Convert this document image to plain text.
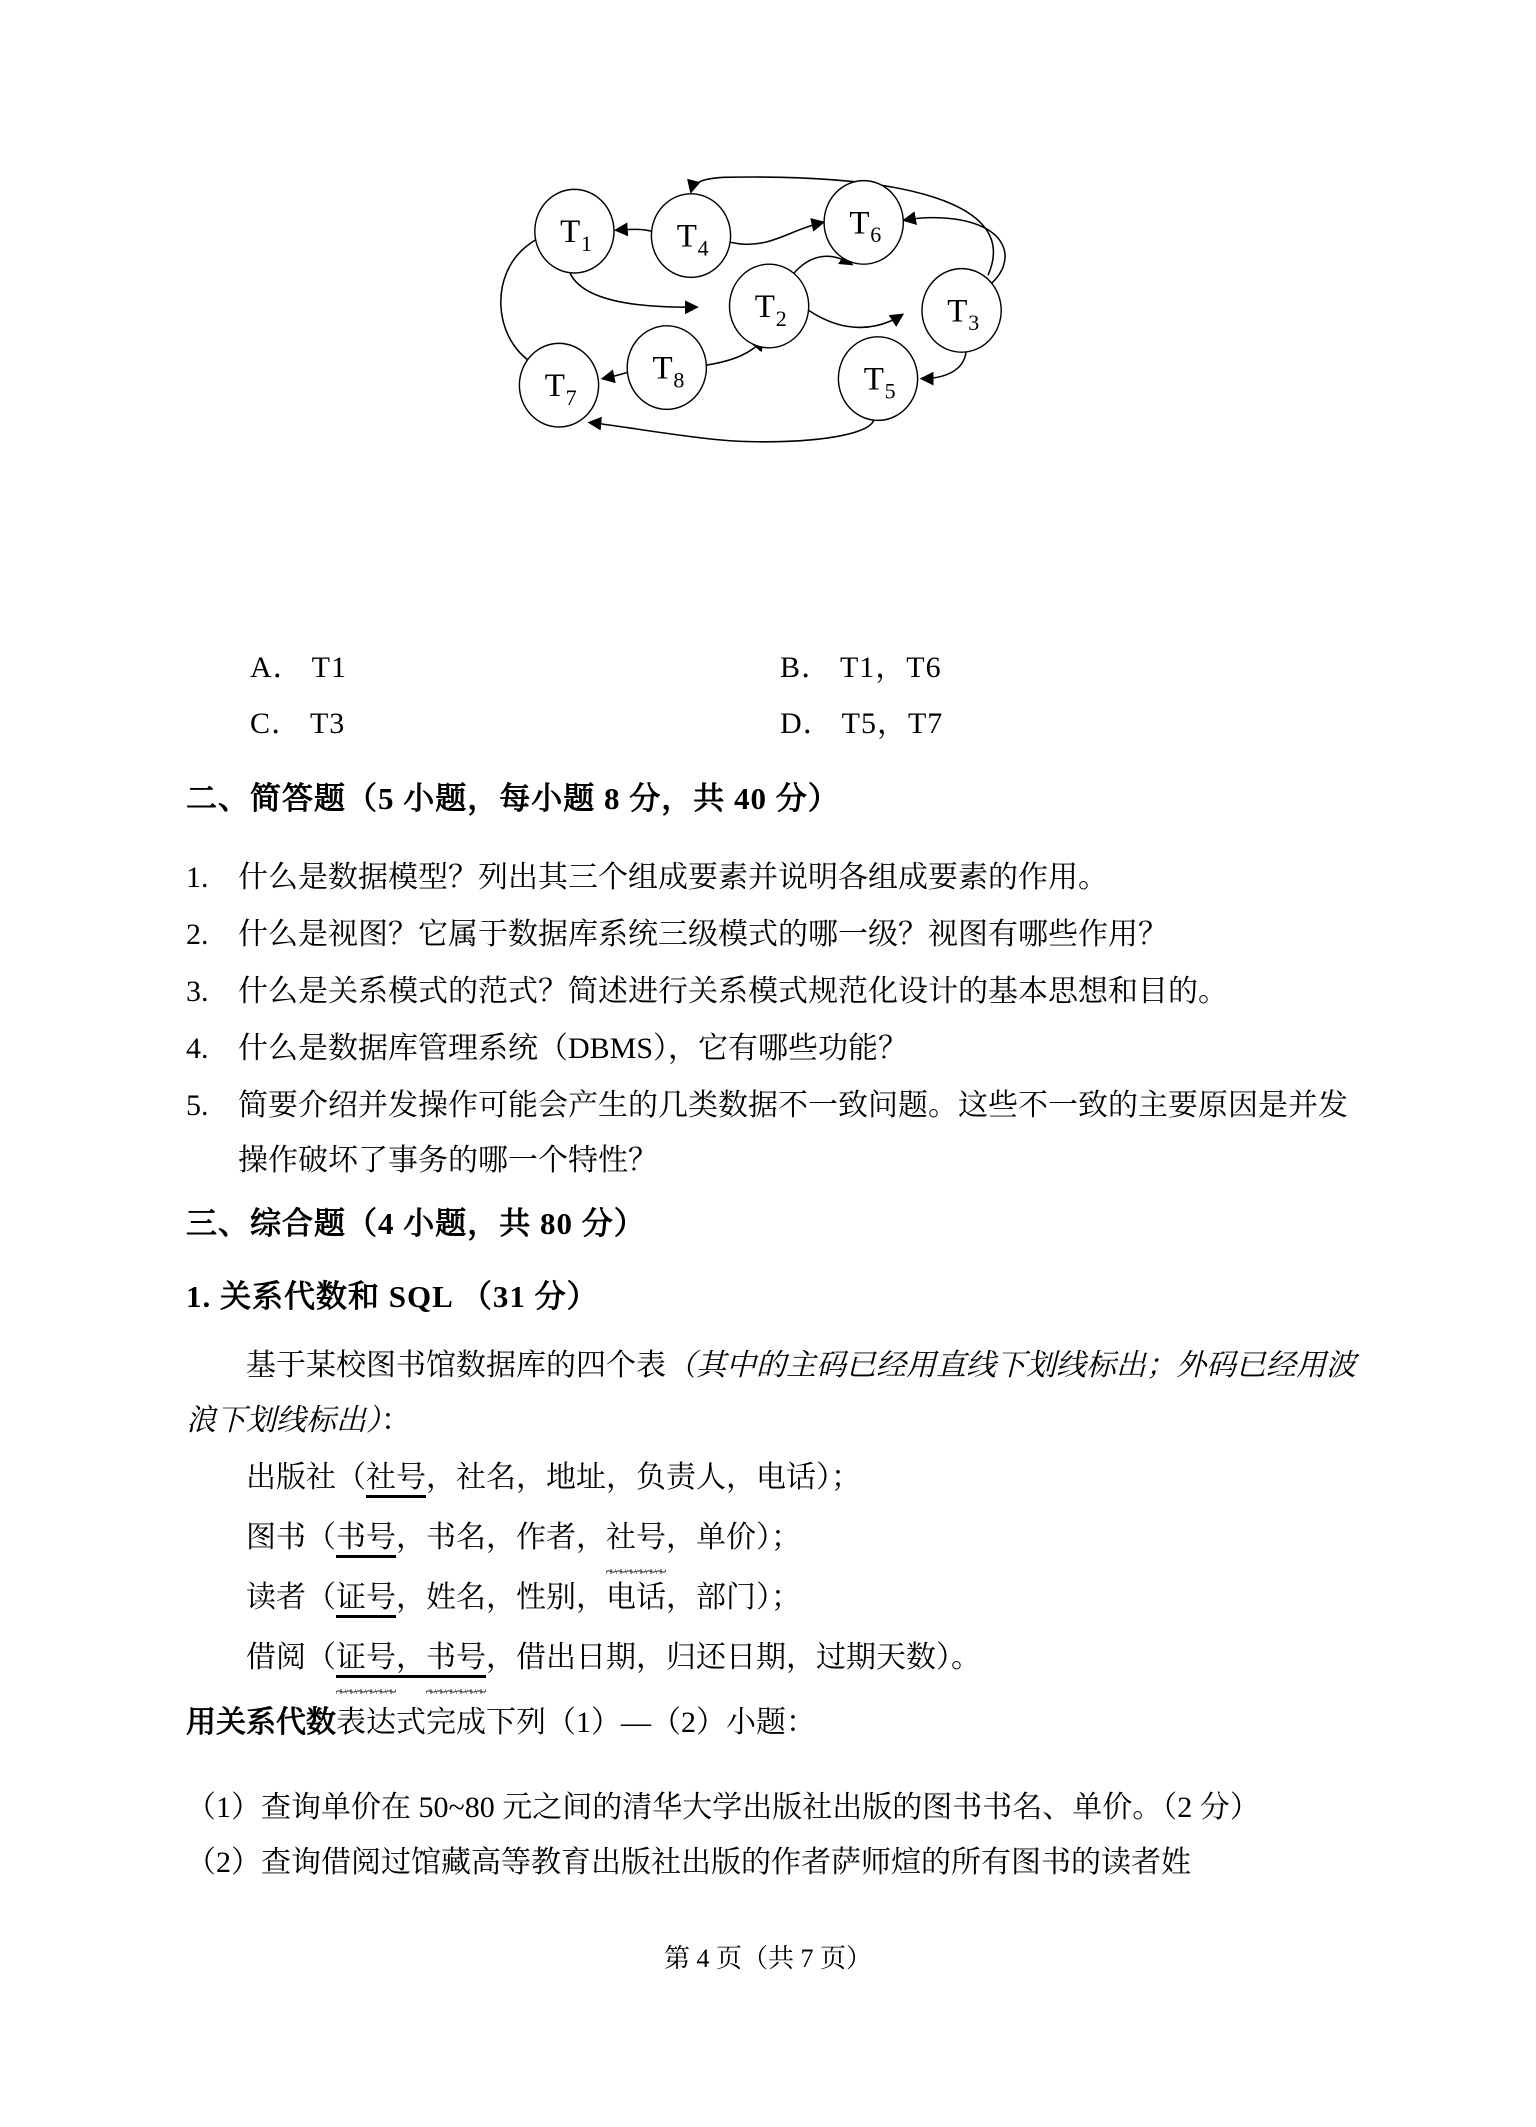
T 1	T 4
T 6
T 2	T 3
T 8
T 7	T 5
A． T1	B． T1，T6
C． T3	D． T5，T7
二、简答题（5 小题，每小题 8 分，共 40 分）
1. 什么是数据模型？列出其三个组成要素并说明各组成要素的作用。
2. 什么是视图？它属于数据库系统三级模式的哪一级？视图有哪些作用？
3. 什么是关系模式的范式？简述进行关系模式规范化设计的基本思想和目的。
4. 什么是数据库管理系统（DBMS），它有哪些功能？
5. 简要介绍并发操作可能会产生的几类数据不一致问题。这些不一致的主要原因是并发操作破坏了事务的哪一个特性？
三、综合题（4 小题，共 80 分）
1. 关系代数和 SQL （31 分）
基于某校图书馆数据库的四个表（其中的主码已经用直线下划线标出；外码已经用波浪下划线标出）：
出版社（社号，社名，地址，负责人，电话）；
图书（书号，书名，作者，社号，单价）；
读者（证号，姓名，性别，电话，部门）；
借阅（证号，书号，借出日期，归还日期，过期天数）。
用关系代数表达式完成下列（1）—（2）小题：
（1）查询单价在 50~80 元之间的清华大学出版社出版的图书书名、单价。（2 分）
（2）查询借阅过馆藏高等教育出版社出版的作者萨师煊的所有图书的读者姓
第 4 页（共 7 页）
